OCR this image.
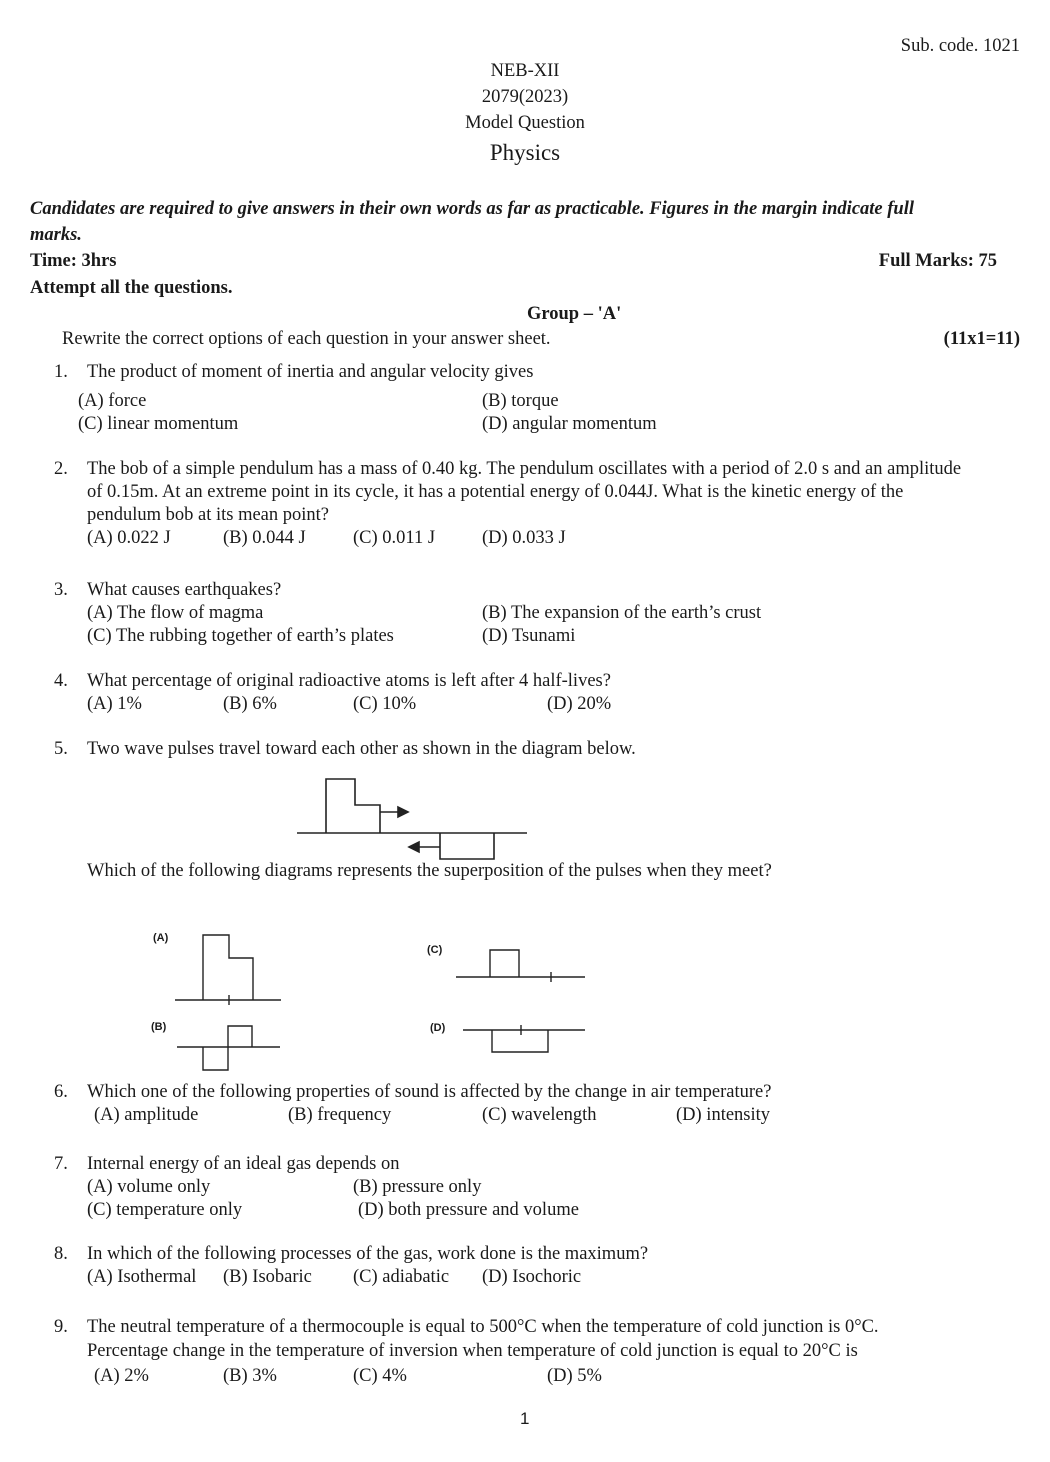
Sub. code. 1021
NEB-XII
2079(2023)
Model Question
Physics
Candidates are required to give answers in their own words as far as practicable. Figures in the margin indicate full
marks.
Time: 3hrs	Full Marks: 75
Attempt all the questions.
Group – 'A'
Rewrite the correct options of each question in your answer sheet.	(11x1=11)
1. The product of moment of inertia and angular velocity gives
(A) force	(B) torque
(C) linear momentum	(D) angular momentum
2. The bob of a simple pendulum has a mass of 0.40 kg. The pendulum oscillates with a period of 2.0 s and an amplitude
of 0.15m. At an extreme point in its cycle, it has a potential energy of 0.044J. What is the kinetic energy of the
pendulum bob at its mean point?
(A) 0.022 J	(B) 0.044 J	(C) 0.011 J	(D) 0.033 J
3. What causes earthquakes?
(A) The flow of magma	(B) The expansion of the earth’s crust
(C) The rubbing together of earth’s plates	(D) Tsunami
4. What percentage of original radioactive atoms is left after 4 half-lives?
(A) 1%	(B) 6%	(C) 10%	(D) 20%
5. Two wave pulses travel toward each other as shown in the diagram below.
Which of the following diagrams represents the superposition of the pulses when they meet?
(A)
(B)
(C)
(D)
6. Which one of the following properties of sound is affected by the change in air temperature?
(A) amplitude	(B) frequency	(C) wavelength	(D) intensity
7. Internal energy of an ideal gas depends on
(A) volume only	(B) pressure only
(C) temperature only	(D) both pressure and volume
8. In which of the following processes of the gas, work done is the maximum?
(A) Isothermal (B) Isobaric (C) adiabatic (D) Isochoric
9. The neutral temperature of a thermocouple is equal to 500°C when the temperature of cold junction is 0°C.
Percentage change in the temperature of inversion when temperature of cold junction is equal to 20°C is
(A) 2%	(B) 3%	(C) 4%	(D) 5%
1
